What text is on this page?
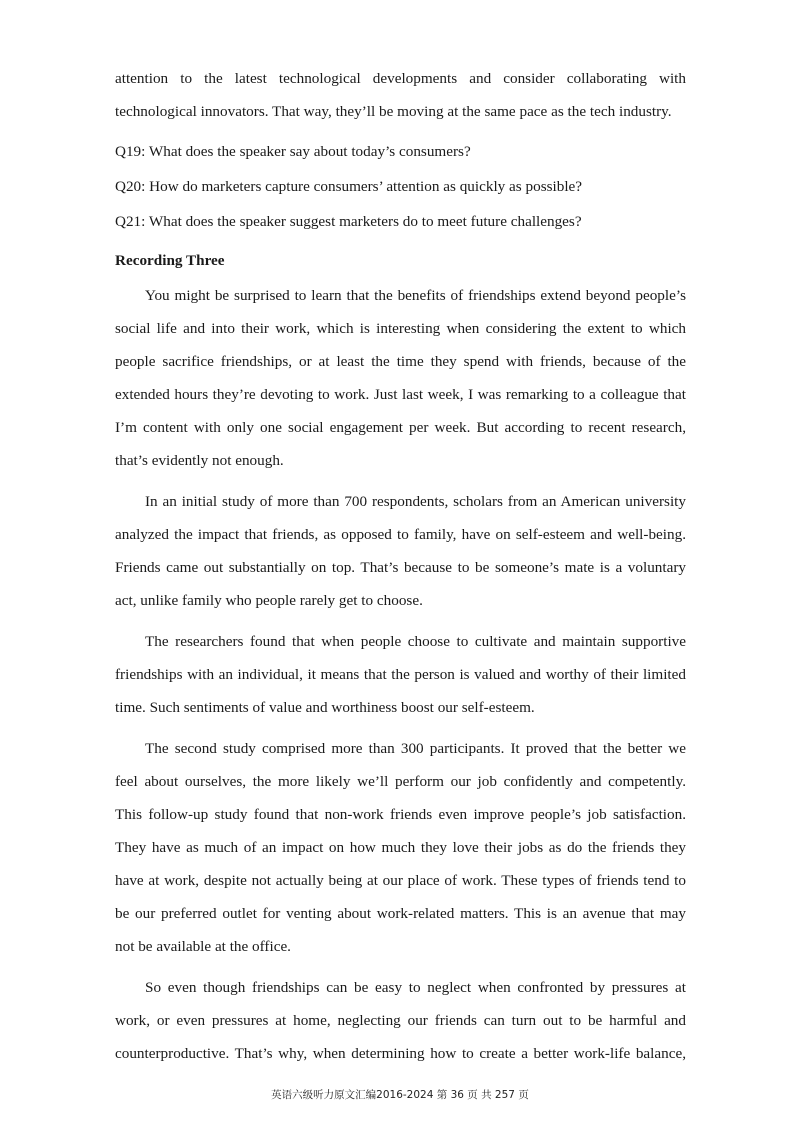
attention to the latest technological developments and consider collaborating with
technological innovators. That way, they’ll be moving at the same pace as the tech industry.
Q19: What does the speaker say about today’s consumers?
Q20: How do marketers capture consumers’ attention as quickly as possible?
Q21: What does the speaker suggest marketers do to meet future challenges?
Recording Three
You might be surprised to learn that the benefits of friendships extend beyond people’s
social life and into their work, which is interesting when considering the extent to which
people sacrifice friendships, or at least the time they spend with friends, because of the
extended hours they’re devoting to work. Just last week, I was remarking to a colleague that
I’m content with only one social engagement per week. But according to recent research,
that’s evidently not enough.
In an initial study of more than 700 respondents, scholars from an American university
analyzed the impact that friends, as opposed to family, have on self-esteem and well-being.
Friends came out substantially on top. That’s because to be someone’s mate is a voluntary
act, unlike family who people rarely get to choose.
The researchers found that when people choose to cultivate and maintain supportive
friendships with an individual, it means that the person is valued and worthy of their limited
time. Such sentiments of value and worthiness boost our self-esteem.
The second study comprised more than 300 participants. It proved that the better we
feel about ourselves, the more likely we’ll perform our job confidently and competently.
This follow-up study found that non-work friends even improve people’s job satisfaction.
They have as much of an impact on how much they love their jobs as do the friends they
have at work, despite not actually being at our place of work. These types of friends tend to
be our preferred outlet for venting about work-related matters. This is an avenue that may
not be available at the office.
So even though friendships can be easy to neglect when confronted by pressures at
work, or even pressures at home, neglecting our friends can turn out to be harmful and
counterproductive. That’s why, when determining how to create a better work-life balance,
英语六级听力原文汇编2016-2024 第 36 页 共 257 页
